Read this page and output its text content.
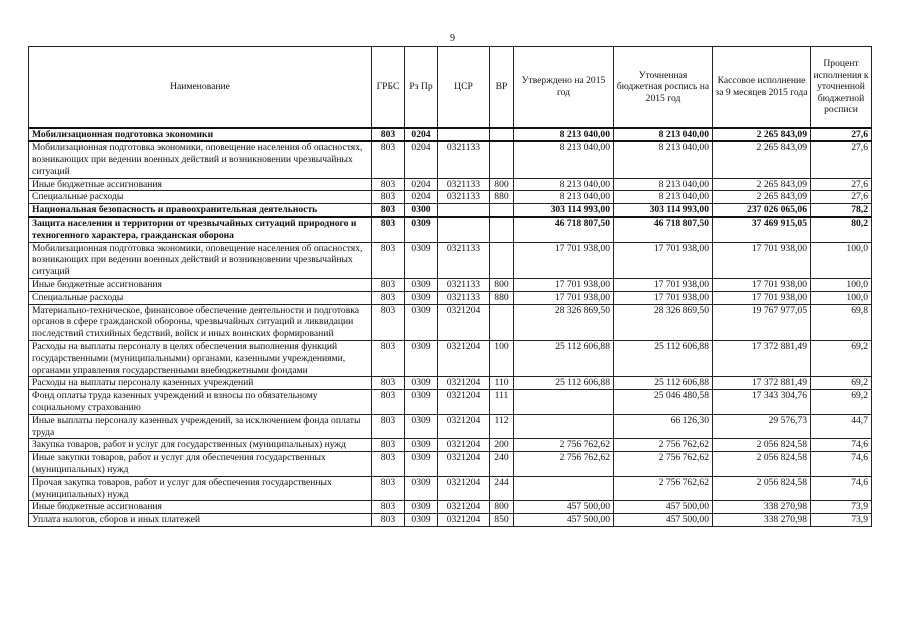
9
Наименование	ГРБС	Рз Пр	ЦСР	ВР	Утверждено на 2015 год	Уточненная бюджетная роспись на 2015 год	Кассовое исполнение за 9 месяцев 2015 года	Процент исполнения к уточненной бюджетной росписи
Мобилизационная подготовка экономики	803	0204			8 213 040,00	8 213 040,00	2 265 843,09	27,6
Мобилизационная подготовка экономики, оповещение населения об опасностях, возникающих при ведении военных действий и возникновении чрезвычайных ситуаций	803	0204	0321133		8 213 040,00	8 213 040,00	2 265 843,09	27,6
Иные бюджетные ассигнования	803	0204	0321133	800	8 213 040,00	8 213 040,00	2 265 843,09	27,6
Специальные расходы	803	0204	0321133	880	8 213 040,00	8 213 040,00	2 265 843,09	27,6
Национальная безопасность и правоохранительная деятельность	803	0300			303 114 993,00	303 114 993,00	237 026 065,06	78,2
Защита населения и территории от чрезвычайных ситуаций природного и техногенного характера, гражданская оборона	803	0309			46 718 807,50	46 718 807,50	37 469 915,05	80,2
Мобилизационная подготовка экономики, оповещение населения об опасностях, возникающих при ведении военных действий и возникновении чрезвычайных ситуаций	803	0309	0321133		17 701 938,00	17 701 938,00	17 701 938,00	100,0
Иные бюджетные ассигнования	803	0309	0321133	800	17 701 938,00	17 701 938,00	17 701 938,00	100,0
Специальные расходы	803	0309	0321133	880	17 701 938,00	17 701 938,00	17 701 938,00	100,0
Материально-техническое, финансовое обеспечение деятельности и подготовка органов в сфере гражданской обороны, чрезвычайных ситуаций и ликвидации последствий стихийных бедствий, войск и иных воинских формирований	803	0309	0321204		28 326 869,50	28 326 869,50	19 767 977,05	69,8
Расходы на выплаты персоналу в целях обеспечения выполнения функций государственными (муниципальными) органами, казенными учреждениями, органами управления государственными внебюджетными фондами	803	0309	0321204	100	25 112 606,88	25 112 606,88	17 372 881,49	69,2
Расходы на выплаты персоналу казенных учреждений	803	0309	0321204	110	25 112 606,88	25 112 606,88	17 372 881,49	69,2
Фонд оплаты труда казенных учреждений и взносы по обязательному социальному страхованию	803	0309	0321204	111		25 046 480,58	17 343 304,76	69,2
Иные выплаты персоналу казенных учреждений, за исключением фонда оплаты труда	803	0309	0321204	112		66 126,30	29 576,73	44,7
Закупка товаров, работ и услуг для государственных (муниципальных) нужд	803	0309	0321204	200	2 756 762,62	2 756 762,62	2 056 824,58	74,6
Иные закупки товаров, работ и услуг для обеспечения государственных (муниципальных) нужд	803	0309	0321204	240	2 756 762,62	2 756 762,62	2 056 824,58	74,6
Прочая закупка товаров, работ и услуг для обеспечения государственных (муниципальных) нужд	803	0309	0321204	244		2 756 762,62	2 056 824,58	74,6
Иные бюджетные ассигнования	803	0309	0321204	800	457 500,00	457 500,00	338 270,98	73,9
Уплата налогов, сборов и иных платежей	803	0309	0321204	850	457 500,00	457 500,00	338 270,98	73,9
